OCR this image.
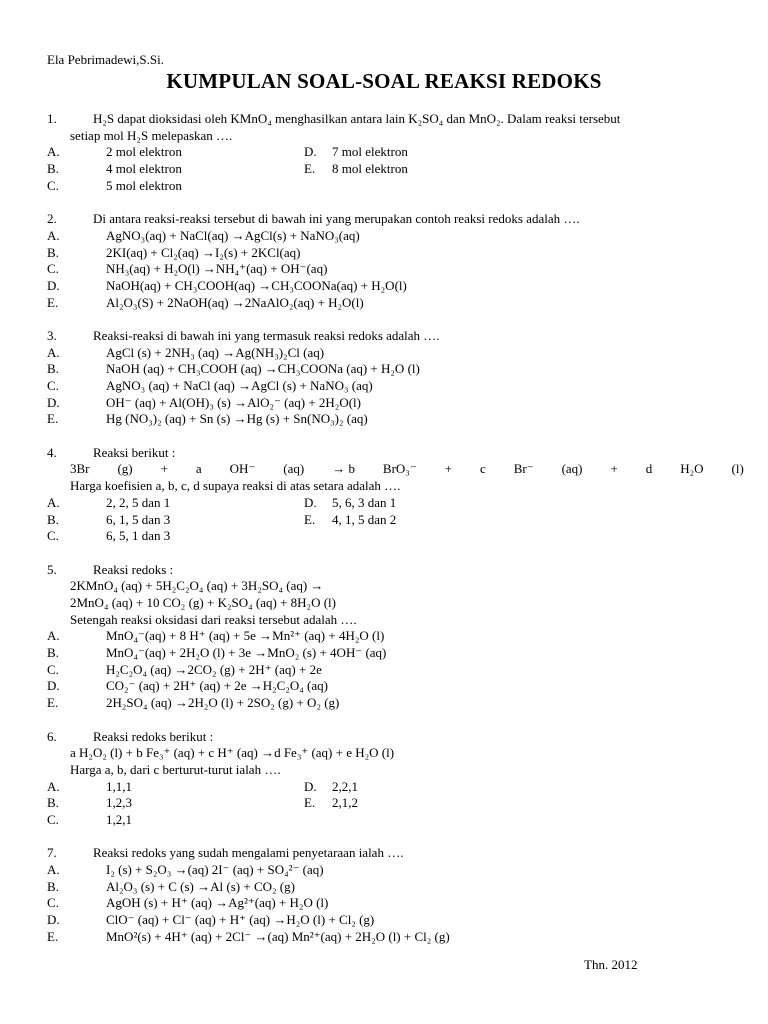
Ela Pebrimadewi,S.Si.
KUMPULAN SOAL-SOAL REAKSI REDOKS
1.	H₂S dapat dioksidasi oleh KMnO₄ menghasilkan antara lain K₂SO₄ dan MnO₂. Dalam reaksi tersebut
setiap mol H₂S melepaskan ….
A.	2 mol elektron	D.	7 mol elektron
B.	4 mol elektron	E.	8 mol elektron
C.	5 mol elektron
2.	Di antara reaksi-reaksi tersebut di bawah ini yang merupakan contoh reaksi redoks adalah ….
A.	AgNO₃(aq) + NaCl(aq) →AgCl(s) + NaNO₃(aq)
B.	2KI(aq) + Cl₂(aq) →I₂(s) + 2KCl(aq)
C.	NH₃(aq) + H₂O(l) →NH₄⁺(aq) + OH⁻(aq)
D.	NaOH(aq) + CH₃COOH(aq) →CH₃COONa(aq) + H₂O(l)
E.	Al₂O₃(S) + 2NaOH(aq) →2NaAlO₂(aq) + H₂O(l)
3.	Reaksi-reaksi di bawah ini yang termasuk reaksi redoks adalah ….
A.	AgCl (s) + 2NH₃ (aq) →Ag(NH₃)₂Cl (aq)
B.	NaOH (aq) + CH₃COOH (aq) →CH₃COONa (aq) + H₂O (l)
C.	AgNO₃ (aq) + NaCl (aq) →AgCl (s) + NaNO₃ (aq)
D.	OH⁻ (aq) + Al(OH)₃ (s) →AlO₂⁻ (aq) + 2H₂O(l)
E.	Hg (NO₃)₂ (aq) + Sn (s) →Hg (s) + Sn(NO₃)₂ (aq)
4.	Reaksi berikut :
3Br (g) + a OH⁻ (aq) → b BrO₃⁻ + c Br⁻ (aq) + d H₂O (l)
Harga koefisien a, b, c, d supaya reaksi di atas setara adalah ….
A.	2, 2, 5 dan 1	D.	5, 6, 3 dan 1
B.	6, 1, 5 dan 3	E.	4, 1, 5 dan 2
C.	6, 5, 1 dan 3
5.	Reaksi redoks :
2KMnO₄ (aq) + 5H₂C₂O₄ (aq) + 3H₂SO₄ (aq) →
2MnO₄ (aq) + 10 CO₂ (g) + K₂SO₄ (aq) + 8H₂O (l)
Setengah reaksi oksidasi dari reaksi tersebut adalah ….
A.	MnO₄⁻(aq) + 8 H⁺ (aq) + 5e →Mn²⁺ (aq) + 4H₂O (l)
B.	MnO₄⁻(aq) + 2H₂O (l) + 3e →MnO₂ (s) + 4OH⁻ (aq)
C.	H₂C₂O₄ (aq) →2CO₂ (g) + 2H⁺ (aq) + 2e
D.	CO₂⁻ (aq) + 2H⁺ (aq) + 2e →H₂C₂O₄ (aq)
E.	2H₂SO₄ (aq) →2H₂O (l) + 2SO₂ (g) + O₂ (g)
6.	Reaksi redoks berikut :
a H₂O₂ (l) + b Fe₃⁺ (aq) + c H⁺ (aq) →d Fe₃⁺ (aq) + e H₂O (l)
Harga a, b, dari c berturut-turut ialah ….
A.	1,1,1	D.	2,2,1
B.	1,2,3	E.	2,1,2
C.	1,2,1
7.	Reaksi redoks yang sudah mengalami penyetaraan ialah ….
A.	I₂ (s) + S₂O₃ →(aq) 2I⁻ (aq) + SO₄²⁻ (aq)
B.	Al₂O₃ (s) + C (s) →Al (s) + CO₂ (g)
C.	AgOH (s) + H⁺ (aq) →Ag²⁺(aq) + H₂O (l)
D.	ClO⁻ (aq) + Cl⁻ (aq) + H⁺ (aq) →H₂O (l) + Cl₂ (g)
E.	MnO²(s) + 4H⁺ (aq) + 2Cl⁻ →(aq) Mn²⁺(aq) + 2H₂O (l) + Cl₂ (g)
Thn. 2012
